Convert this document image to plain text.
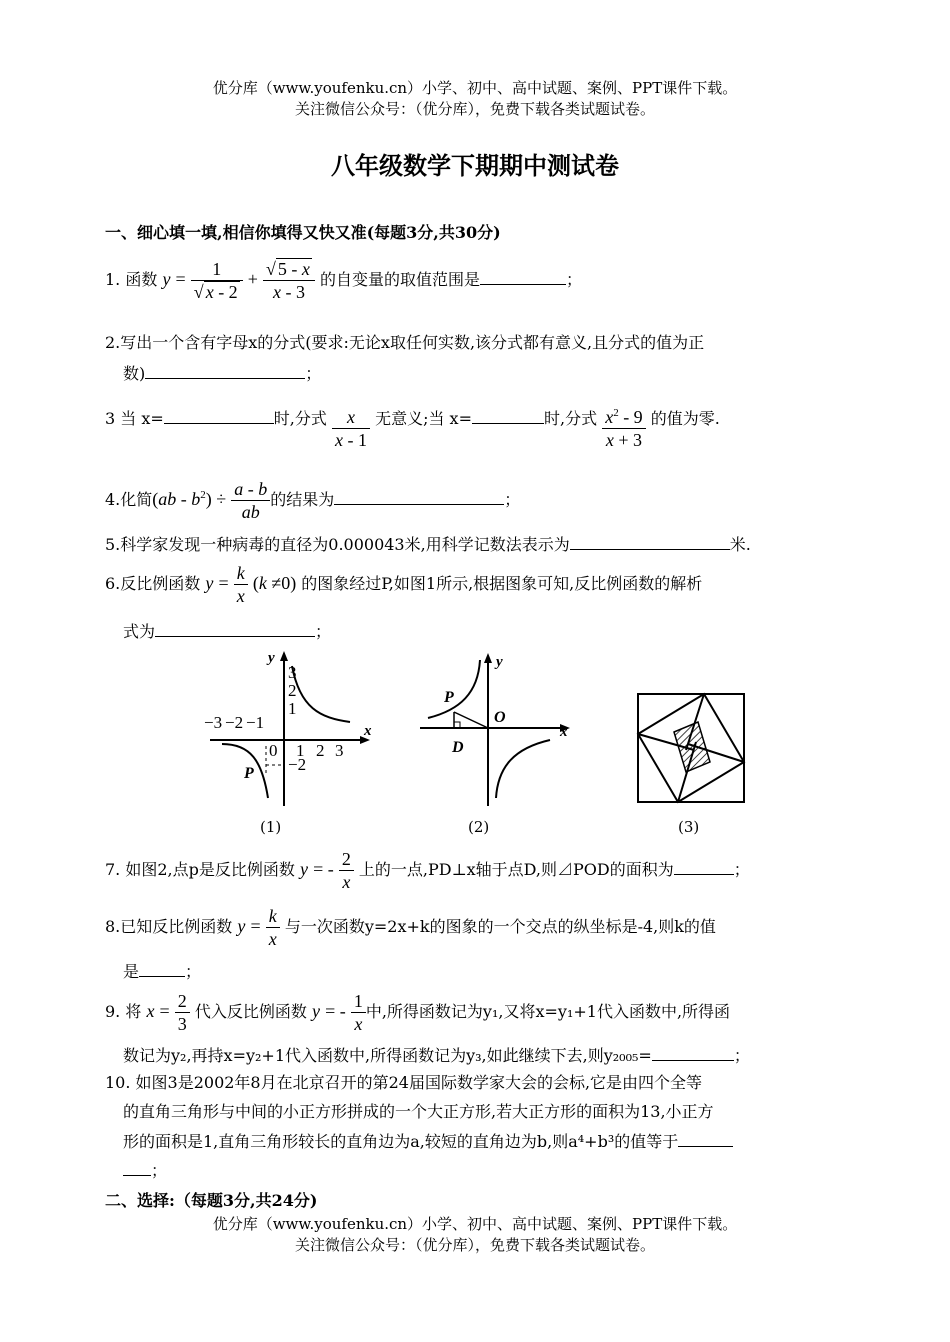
优分库（www.youfenku.cn）小学、初中、高中试题、案例、PPT课件下载。
关注微信公众号：（优分库），免费下载各类试题试卷。
八年级数学下期期中测试卷
一、细心填一填,相信你填得又快又准(每题3分,共30分)
1. 函数 $y = \frac{1}{√ x - 2} + \frac{√ 5 - x}{x - 3}$ 的自变量的取值范围是	；
2.写出一个含有字母x的分式(要求:无论x取任何实数,该分式都有意义,且分式的值为正
数)	；
3 当 x=	时,分式 $\frac{x}{x - 1}$ 无意义;当 x=	时,分式 $\frac{x^2 - 9}{x + 3}$ 的值为零.
4.化简$(ab - b^2) \div \frac{a - b}{ab}$ 的结果为	；
5.科学家发现一种病毒的直径为0.000043米,用科学记数法表示为	米.
6.反比例函数 $y = \frac{k}{x} (k \ne 0)$ 的图象经过P,如图1所示,根据图象可知,反比例函数的解析
式为	；
y
x
−3 −2 −1
0 1 2 3
3
2
1
−2
P
(1)
y
x
P
O
D
(2)	(3)
7. 如图2,点p是反比例函数 y = - $\frac{2}{x}$ 上的一点,PD⊥x轴于点D,则⊿POD的面积为	；
8.已知反比例函数 $y = \frac{k}{x}$ 与一次函数y=2x+k的图象的一个交点的纵坐标是-4,则k的值
是	；
9. 将 $x = \frac{2}{3}$ 代入反比例函数 y = - $\frac{1}{x}$ 中,所得函数记为y₁,又将x=y₁+1代入函数中,所得函
数记为y₂,再持x=y₂+1代入函数中,所得函数记为y₃,如此继续下去,则y₂₀₀₅=	；
10. 如图3是2002年8月在北京召开的第24届国际数学家大会的会标,它是由四个全等
的直角三角形与中间的小正方形拼成的一个大正方形,若大正方形的面积为13,小正方
形的面积是1,直角三角形较长的直角边为a,较短的直角边为b,则a⁴+b³的值等于
；
二、选择:（每题3分,共24分)
优分库（www.youfenku.cn）小学、初中、高中试题、案例、PPT课件下载。
关注微信公众号：（优分库），免费下载各类试题试卷。
